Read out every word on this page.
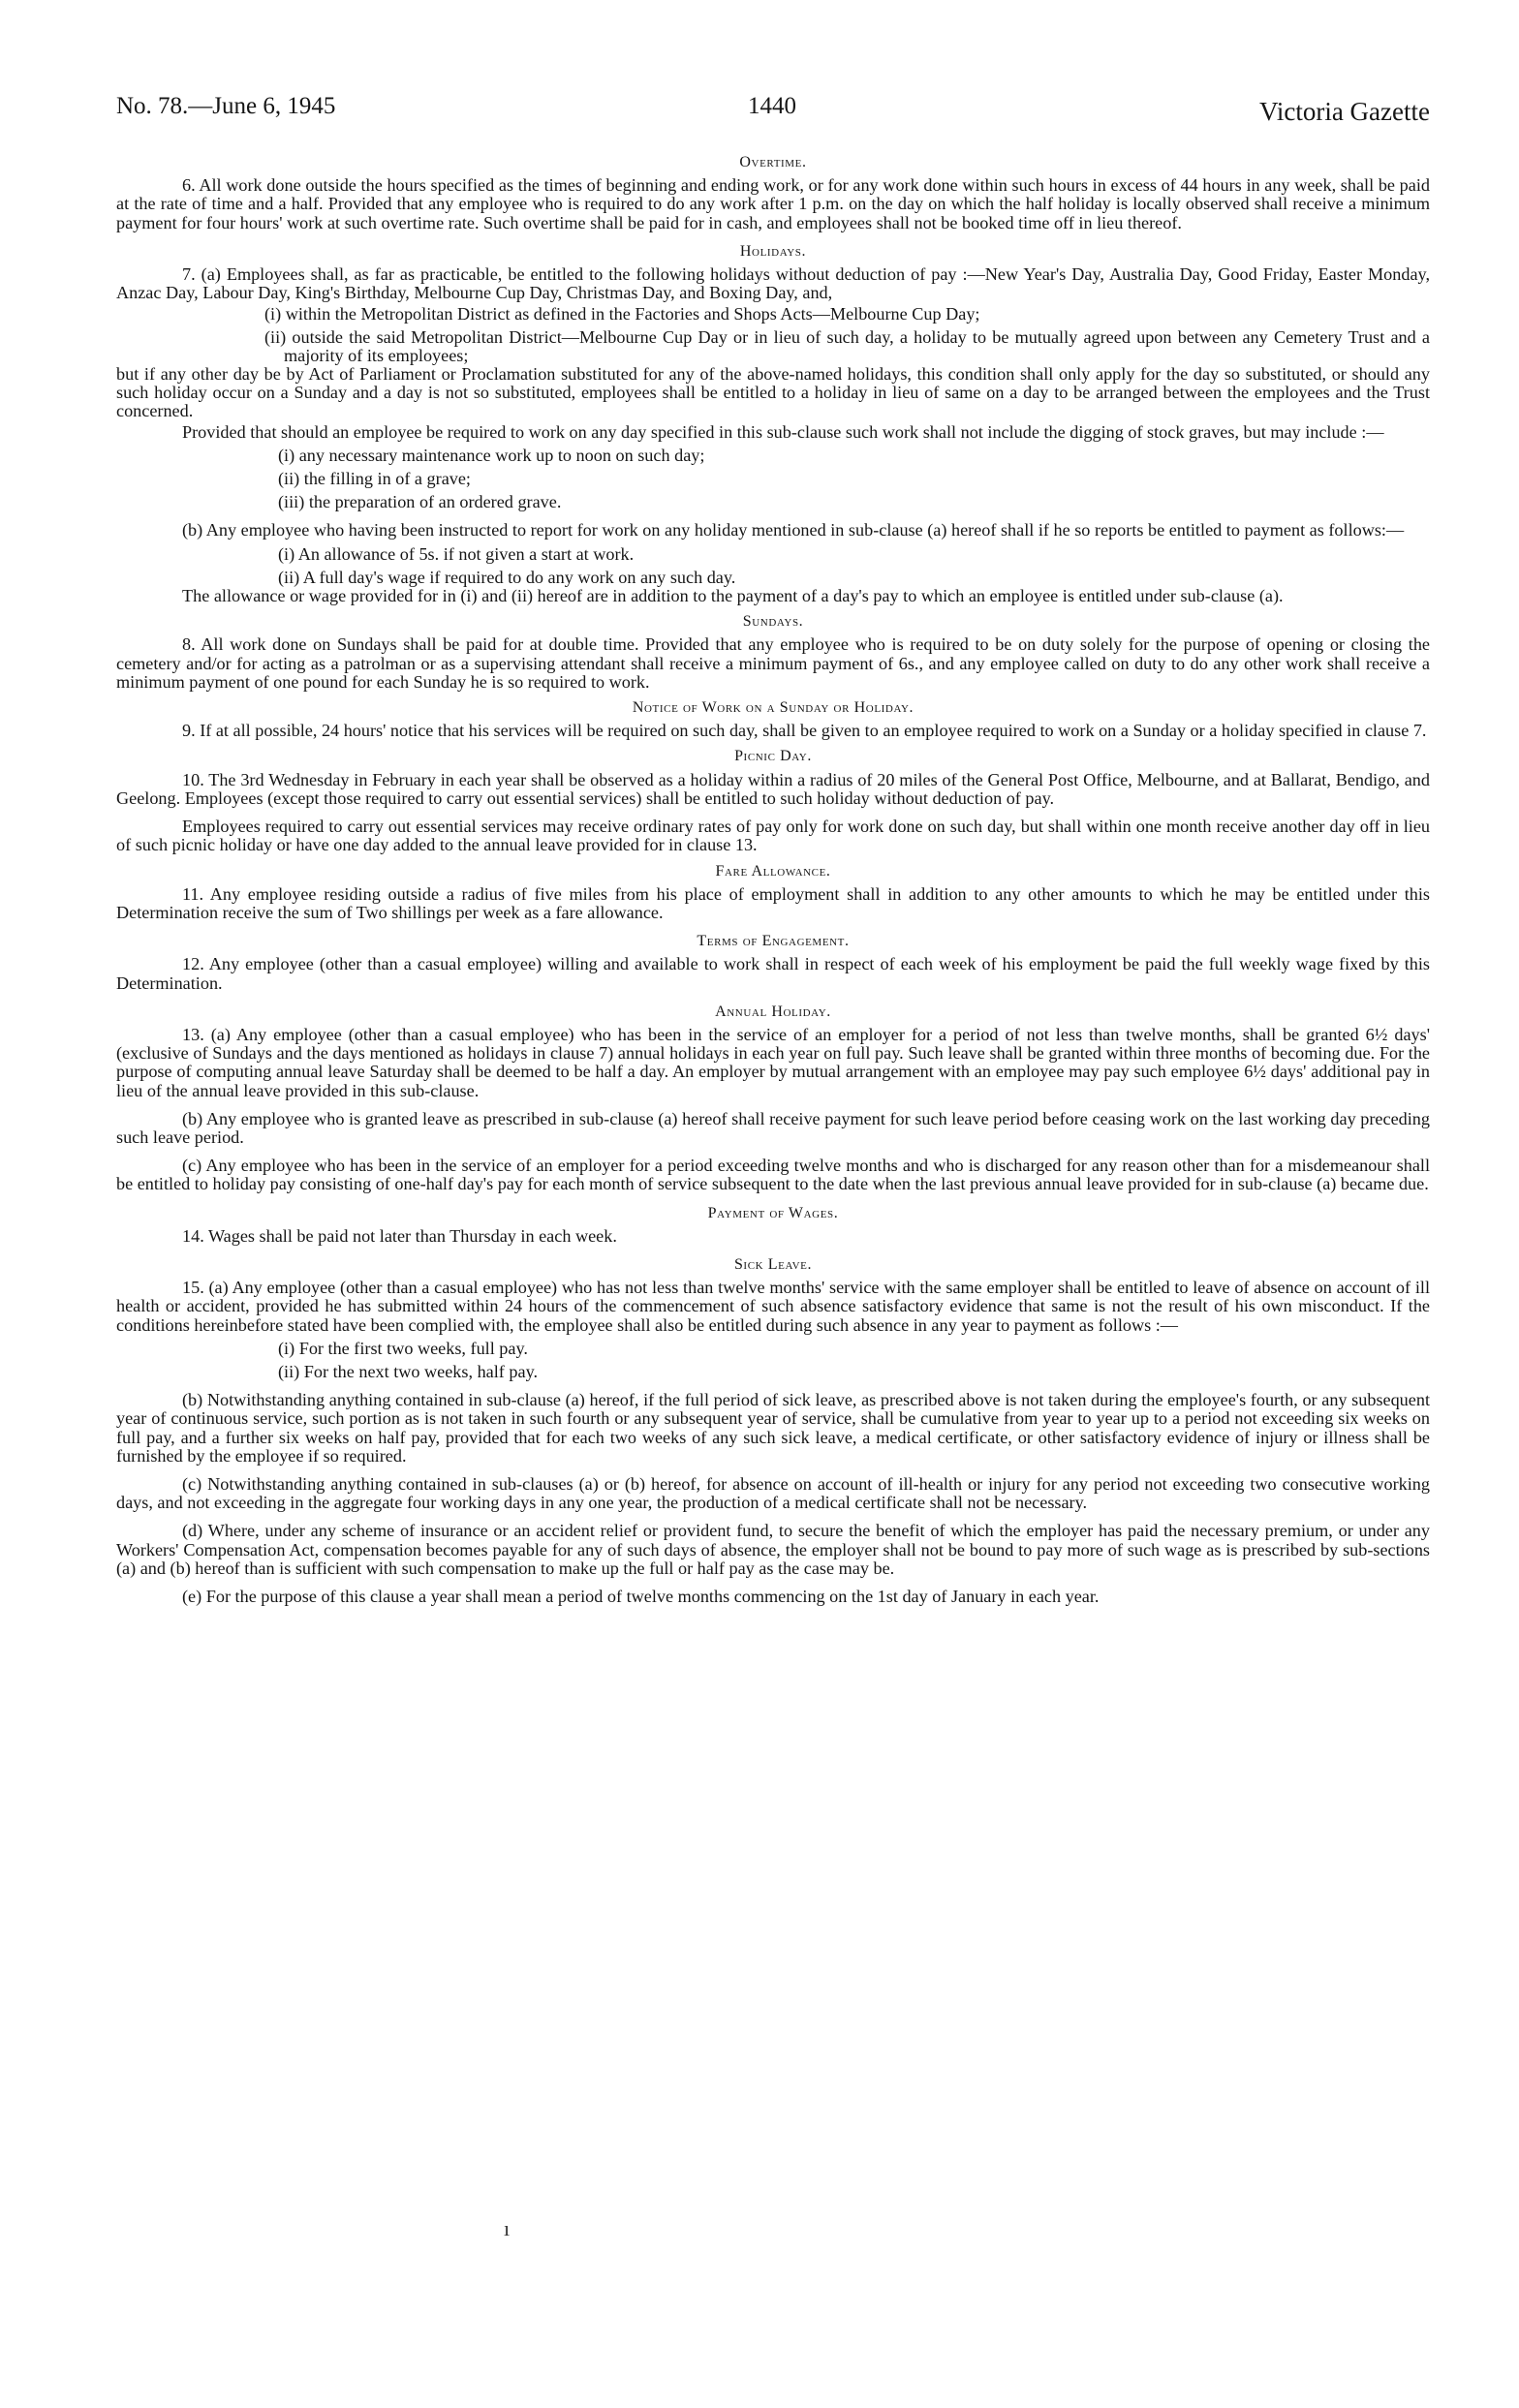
No. 78.—June 6, 1945	1440	Victoria Gazette
Overtime.

6. All work done outside the hours specified as the times of beginning and ending work, or for any work done within such hours in excess of 44 hours in any week, shall be paid at the rate of time and a half. Provided that any employee who is required to do any work after 1 p.m. on the day on which the half holiday is locally observed shall receive a minimum payment for four hours' work at such overtime rate. Such overtime shall be paid for in cash, and employees shall not be booked time off in lieu thereof.

Holidays.

7. (a) Employees shall, as far as practicable, be entitled to the following holidays without deduction of pay :—New Year's Day, Australia Day, Good Friday, Easter Monday, Anzac Day, Labour Day, King's Birthday, Melbourne Cup Day, Christmas Day, and Boxing Day, and,

(i) within the Metropolitan District as defined in the Factories and Shops Acts—Melbourne Cup Day;

(ii) outside the said Metropolitan District—Melbourne Cup Day or in lieu of such day, a holiday to be mutually agreed upon between any Cemetery Trust and a majority of its employees;

but if any other day be by Act of Parliament or Proclamation substituted for any of the above-named holidays, this condition shall only apply for the day so substituted, or should any such holiday occur on a Sunday and a day is not so substituted, employees shall be entitled to a holiday in lieu of same on a day to be arranged between the employees and the Trust concerned.

Provided that should an employee be required to work on any day specified in this sub-clause such work shall not include the digging of stock graves, but may include :—

(i) any necessary maintenance work up to noon on such day;

(ii) the filling in of a grave;

(iii) the preparation of an ordered grave.

(b) Any employee who having been instructed to report for work on any holiday mentioned in sub-clause (a) hereof shall if he so reports be entitled to payment as follows:—

(i) An allowance of 5s. if not given a start at work.

(ii) A full day's wage if required to do any work on any such day.

The allowance or wage provided for in (i) and (ii) hereof are in addition to the payment of a day's pay to which an employee is entitled under sub-clause (a).

Sundays.

8. All work done on Sundays shall be paid for at double time. Provided that any employee who is required to be on duty solely for the purpose of opening or closing the cemetery and/or for acting as a patrolman or as a supervising attendant shall receive a minimum payment of 6s., and any employee called on duty to do any other work shall receive a minimum payment of one pound for each Sunday he is so required to work.

Notice of Work on a Sunday or Holiday.

9. If at all possible, 24 hours' notice that his services will be required on such day, shall be given to an employee required to work on a Sunday or a holiday specified in clause 7.

Picnic Day.

10. The 3rd Wednesday in February in each year shall be observed as a holiday within a radius of 20 miles of the General Post Office, Melbourne, and at Ballarat, Bendigo, and Geelong. Employees (except those required to carry out essential services) shall be entitled to such holiday without deduction of pay.

Employees required to carry out essential services may receive ordinary rates of pay only for work done on such day, but shall within one month receive another day off in lieu of such picnic holiday or have one day added to the annual leave provided for in clause 13.

Fare Allowance.

11. Any employee residing outside a radius of five miles from his place of employment shall in addition to any other amounts to which he may be entitled under this Determination receive the sum of Two shillings per week as a fare allowance.

Terms of Engagement.

12. Any employee (other than a casual employee) willing and available to work shall in respect of each week of his employment be paid the full weekly wage fixed by this Determination.

Annual Holiday.

13. (a) Any employee (other than a casual employee) who has been in the service of an employer for a period of not less than twelve months, shall be granted 6½ days' (exclusive of Sundays and the days mentioned as holidays in clause 7) annual holidays in each year on full pay. Such leave shall be granted within three months of becoming due. For the purpose of computing annual leave Saturday shall be deemed to be half a day. An employer by mutual arrangement with an employee may pay such employee 6½ days' additional pay in lieu of the annual leave provided in this sub-clause.

(b) Any employee who is granted leave as prescribed in sub-clause (a) hereof shall receive payment for such leave period before ceasing work on the last working day preceding such leave period.

(c) Any employee who has been in the service of an employer for a period exceeding twelve months and who is discharged for any reason other than for a misdemeanour shall be entitled to holiday pay consisting of one-half day's pay for each month of service subsequent to the date when the last previous annual leave provided for in sub-clause (a) became due.

Payment of Wages.

14. Wages shall be paid not later than Thursday in each week.

Sick Leave.

15. (a) Any employee (other than a casual employee) who has not less than twelve months' service with the same employer shall be entitled to leave of absence on account of ill health or accident, provided he has submitted within 24 hours of the commencement of such absence satisfactory evidence that same is not the result of his own misconduct. If the conditions hereinbefore stated have been complied with, the employee shall also be entitled during such absence in any year to payment as follows :—

(i) For the first two weeks, full pay.

(ii) For the next two weeks, half pay.

(b) Notwithstanding anything contained in sub-clause (a) hereof, if the full period of sick leave, as prescribed above is not taken during the employee's fourth, or any subsequent year of continuous service, such portion as is not taken in such fourth or any subsequent year of service, shall be cumulative from year to year up to a period not exceeding six weeks on full pay, and a further six weeks on half pay, provided that for each two weeks of any such sick leave, a medical certificate, or other satisfactory evidence of injury or illness shall be furnished by the employee if so required.

(c) Notwithstanding anything contained in sub-clauses (a) or (b) hereof, for absence on account of ill-health or injury for any period not exceeding two consecutive working days, and not exceeding in the aggregate four working days in any one year, the production of a medical certificate shall not be necessary.

(d) Where, under any scheme of insurance or an accident relief or provident fund, to secure the benefit of which the employer has paid the necessary premium, or under any Workers' Compensation Act, compensation becomes payable for any of such days of absence, the employer shall not be bound to pay more of such wage as is prescribed by sub-sections (a) and (b) hereof than is sufficient with such compensation to make up the full or half pay as the case may be.

(e) For the purpose of this clause a year shall mean a period of twelve months commencing on the 1st day of January in each year.

ı
